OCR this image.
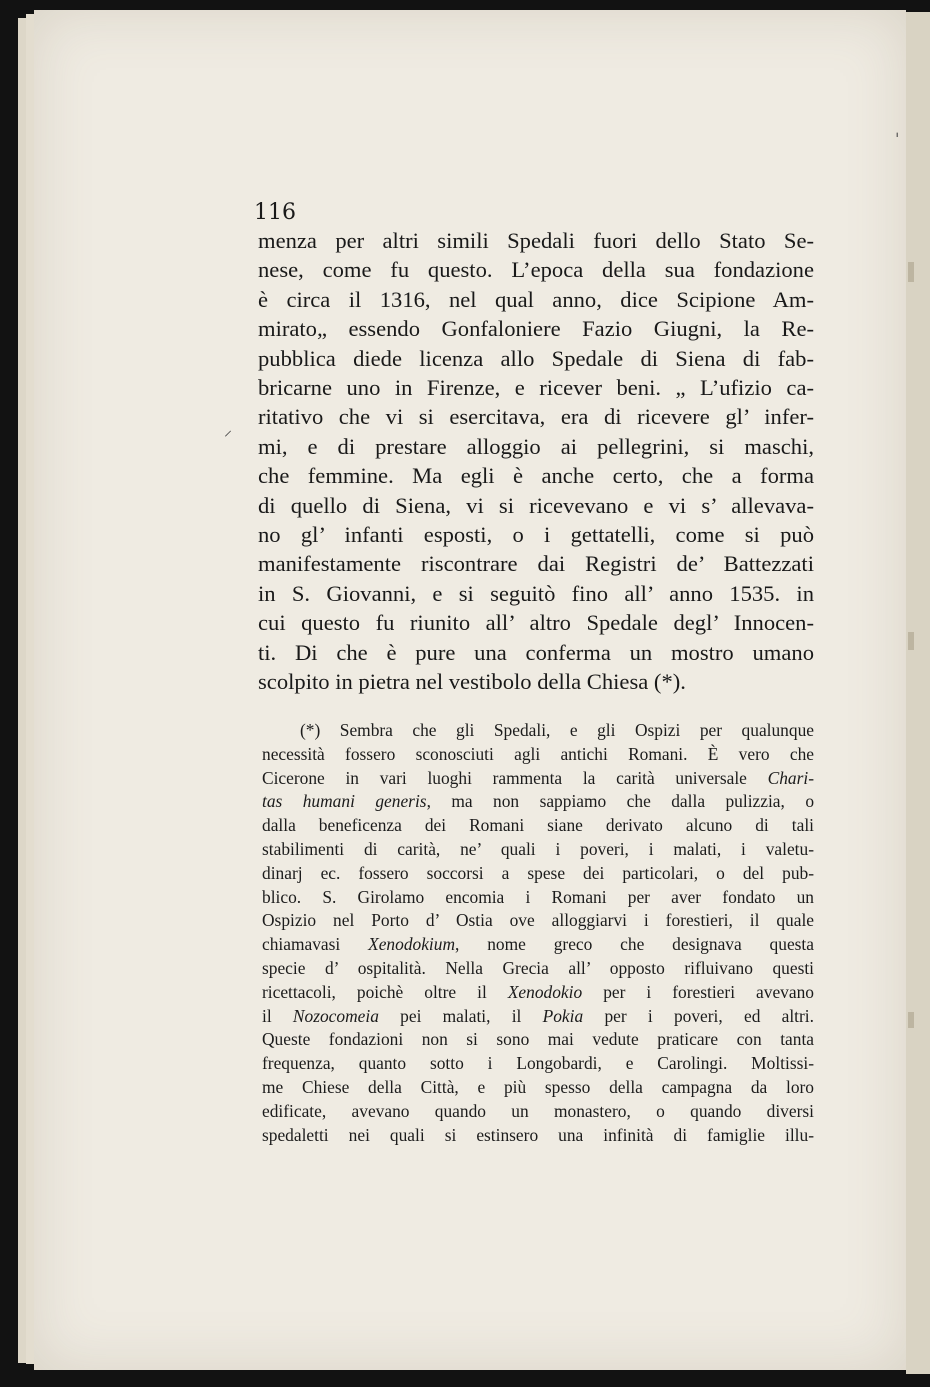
116
menza per altri simili Spedali fuori dello Stato Se-
nese, come fu questo. L’epoca della sua fondazione
è circa il 1316, nel qual anno, dice Scipione Am-
mirato„ essendo Gonfaloniere Fazio Giugni, la Re-
pubblica diede licenza allo Spedale di Siena di fab-
bricarne uno in Firenze, e ricever beni. „ L’ufizio ca-
ritativo che vi si esercitava, era di ricevere gl’ infer-
mi, e di prestare alloggio ai pellegrini, si maschi,
che femmine. Ma egli è anche certo, che a forma
di quello di Siena, vi si ricevevano e vi s’ allevava-
no gl’ infanti esposti, o i gettatelli, come si può
manifestamente riscontrare dai Registri de’ Battezzati
in S. Giovanni, e si seguitò fino all’ anno 1535. in
cui questo fu riunito all’ altro Spedale degl’ Innocen-
ti. Di che è pure una conferma un mostro umano
scolpito in pietra nel vestibolo della Chiesa (*).
(*) Sembra che gli Spedali, e gli Ospizi per qualunque
necessità fossero sconosciuti agli antichi Romani. È vero che
Cicerone in vari luoghi rammenta la carità universale Chari-
tas humani generis, ma non sappiamo che dalla pulizzia, o
dalla beneficenza dei Romani siane derivato alcuno di tali
stabilimenti di carità, ne’ quali i poveri, i malati, i valetu-
dinarj ec. fossero soccorsi a spese dei particolari, o del pub-
blico. S. Girolamo encomia i Romani per aver fondato un
Ospizio nel Porto d’ Ostia ove alloggiarvi i forestieri, il quale
chiamavasi Xenodokium, nome greco che designava questa
specie d’ ospitalità. Nella Grecia all’ opposto rifluivano questi
ricettacoli, poichè oltre il Xenodokio per i forestieri avevano
il Nozocomeia pei malati, il Pokia per i poveri, ed altri.
Queste fondazioni non si sono mai vedute praticare con tanta
frequenza, quanto sotto i Longobardi, e Carolingi. Moltissi-
me Chiese della Città, e più spesso della campagna da loro
edificate, avevano quando un monastero, o quando diversi
spedaletti nei quali si estinsero una infinità di famiglie illu-
ˈ
⸍
